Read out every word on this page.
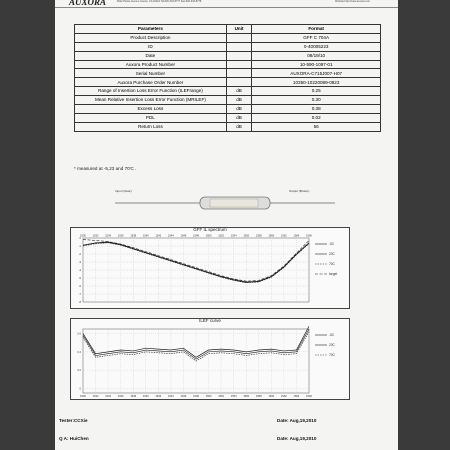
AUXORA	6612 Pointe Avenue Gourte, CA 91210 Tel:626-333-8777 Fax:626-333-8778	Website:http://www.auxora.com
Parameters	Unit	Format
Product Description		GFF C 704A
ID		0-40005223
Date		08/19/10
Auxora Product Number		10-590-1097-01
Serial Number		AUXORA-C715J007-H07
Auxora Purchase Order Number		10350-10220089-0823
Range of Insertion Loss Error Function (ILEFrange)	dB	0.25
Mean Relative Insertion Loss Error Function (MRILEF)	dB	0.30
Excess Loss	dB	0.38
PDL	dB	0.02
Return Loss	dB	56
* measured at -5,23 and 70'C .
Input (Clear)	Output (Brown)
GFF IL spectrum
1530	1532	1534	1536	1538	1540	1542	1544	1546	1548	1550	1552	1554	1556	1558	1560	1562	1564	1566
0
-1
-2
-3
-4
-5
-6
-7
-8
-5C
23C
70C
target
ILEF curve
1530	1532	1534	1536	1538	1540	1542	1544	1546	1548	1550	1552	1554	1556	1558	1560	1562	1564	1566
0.6
0.4
0.2
0
-5C
23C
70C
Tester:CCXie
Q A: HuiChen
Date: Aug,19,2010
Date: Aug,19,2010
